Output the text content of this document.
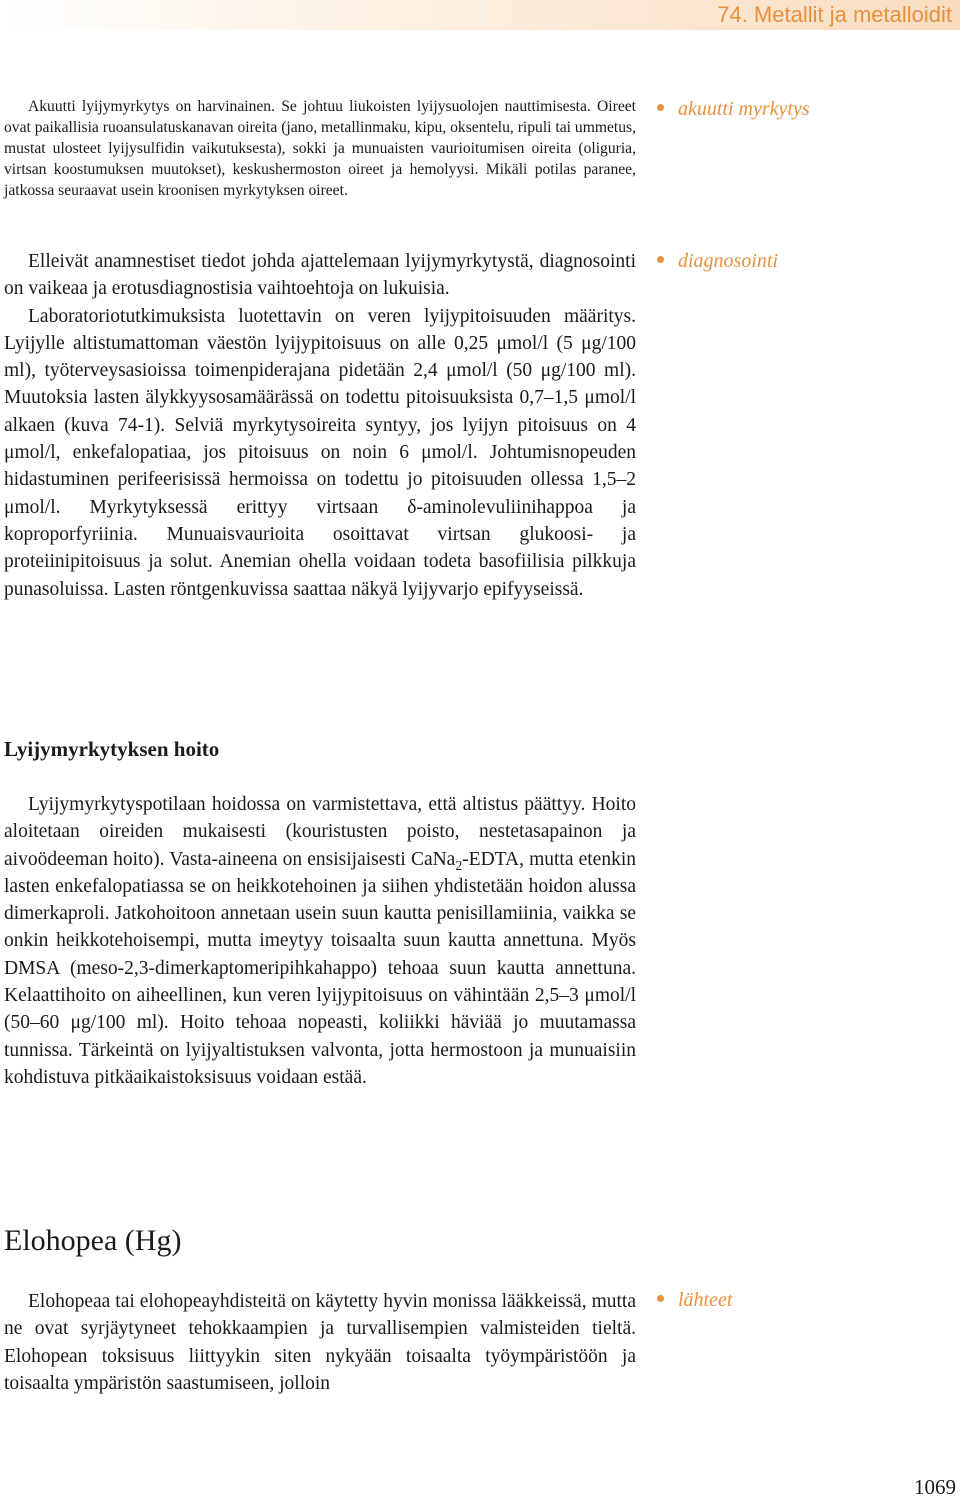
74. Metallit ja metalloidit

Akuutti lyijymyrkytys on harvinainen. Se johtuu liukoisten lyijysuolojen nauttimisesta. Oireet ovat paikallisia ruoansulatuskanavan oireita (jano, metallinmaku, kipu, oksentelu, ripuli tai ummetus, mustat ulosteet lyijysulfidin vaikutuksesta), sokki ja munuaisten vaurioitumisen oireita (oliguria, virtsan koostumuksen muutokset), keskushermoston oireet ja hemolyysi. Mikäli potilas paranee, jatkossa seuraavat usein kroonisen myrkytyksen oireet.

akuutti myrkytys

Elleivät anamnestiset tiedot johda ajattelemaan lyijymyrkytystä, diagnosointi on vaikeaa ja erotusdiagnostisia vaihtoehtoja on lukuisia.

Laboratoriotutkimuksista luotettavin on veren lyijypitoisuuden määritys. Lyijylle altistumattoman väestön lyijypitoisuus on alle 0,25 μmol/l (5 μg/100 ml), työterveysasioissa toimenpiderajana pidetään 2,4 μmol/l (50 μg/100 ml). Muutoksia lasten älykkyysosamäärässä on todettu pitoisuuksista 0,7–1,5 μmol/l alkaen (kuva 74-1). Selviä myrkytysoireita syntyy, jos lyijyn pitoisuus on 4 μmol/l, enkefalopatiaa, jos pitoisuus on noin 6 μmol/l. Johtumisnopeuden hidastuminen perifeerisissä hermoissa on todettu jo pitoisuuden ollessa 1,5–2 μmol/l. Myrkytyksessä erittyy virtsaan δ-aminolevuliinihappoa ja koproporfyriinia. Munuaisvaurioita osoittavat virtsan glukoosi- ja proteiinipitoisuus ja solut. Anemian ohella voidaan todeta basofiilisia pilkkuja punasoluissa. Lasten röntgenkuvissa saattaa näkyä lyijyvarjo epifyyseissä.

diagnosointi
Lyijymyrkytyksen hoito

Lyijymyrkytyspotilaan hoidossa on varmistettava, että altistus päättyy. Hoito aloitetaan oireiden mukaisesti (kouristusten poisto, nestetasapainon ja aivoödeeman hoito). Vasta-aineena on ensisijaisesti CaNa$_2$-EDTA, mutta etenkin lasten enkefalopatiassa se on heikkotehoinen ja siihen yhdistetään hoidon alussa dimerkaproli. Jatkohoitoon annetaan usein suun kautta penisillamiinia, vaikka se onkin heikkotehoisempi, mutta imeytyy toisaalta suun kautta annettuna. Myös DMSA (meso-2,3-dimerkaptomeripihkahappo) tehoaa suun kautta annettuna. Kelaattihoito on aiheellinen, kun veren lyijypitoisuus on vähintään 2,5–3 μmol/l (50–60 μg/100 ml). Hoito tehoaa nopeasti, koliikki häviää jo muutamassa tunnissa. Tärkeintä on lyijyaltistuksen valvonta, jotta hermostoon ja munuaisiin kohdistuva pitkäaikaistoksisuus voidaan estää.

Elohopea (Hg)

Elohopeaa tai elohopeayhdisteitä on käytetty hyvin monissa lääkkeissä, mutta ne ovat syrjäytyneet tehokkaampien ja turvallisempien valmisteiden tieltä. Elohopean toksisuus liittyykin siten nykyään toisaalta työympäristöön ja toisaalta ympäristön saastumiseen, jolloin

lähteet
1069
